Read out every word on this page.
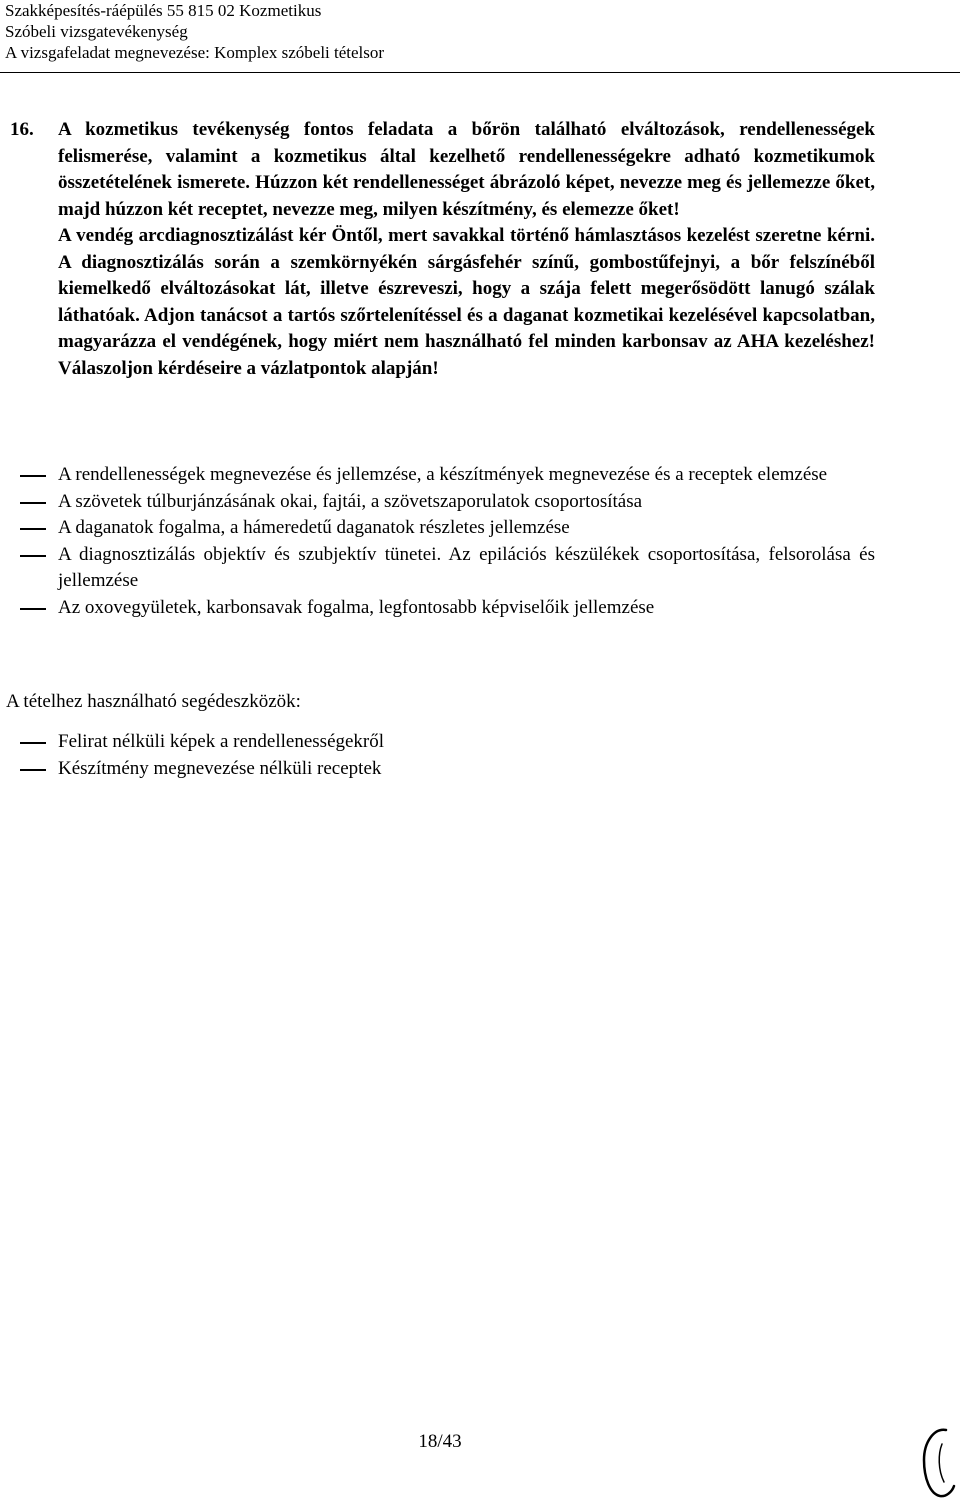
Szakképesítés-ráépülés 55 815 02 Kozmetikus
Szóbeli vizsgatevékenység
A vizsgafeladat megnevezése: Komplex szóbeli tételsor
16. A kozmetikus tevékenység fontos feladata a bőrön található elváltozások, rendellenességek felismerése, valamint a kozmetikus által kezelhető rendellenességekre adható kozmetikumok összetételének ismerete. Húzzon két rendellenességet ábrázoló képet, nevezze meg és jellemezze őket, majd húzzon két receptet, nevezze meg, milyen készítmény, és elemezze őket!

A vendég arcdiagnosztizálást kér Öntől, mert savakkal történő hámlasztásos kezelést szeretne kérni. A diagnosztizálás során a szemkörnyékén sárgásfehér színű, gombostűfejnyi, a bőr felszínéből kiemelkedő elváltozásokat lát, illetve észreveszi, hogy a szája felett megerősödött lanugó szálak láthatóak. Adjon tanácsot a tartós szőrtelenítéssel és a daganat kozmetikai kezelésével kapcsolatban, magyarázza el vendégének, hogy miért nem használható fel minden karbonsav az AHA kezeléshez! Válaszoljon kérdéseire a vázlatpontok alapján!

A rendellenességek megnevezése és jellemzése, a készítmények megnevezése és a receptek elemzése
A szövetek túlburjánzásának okai, fajtái, a szövetszaporulatok csoportosítása
A daganatok fogalma, a hámeredetű daganatok részletes jellemzése
A diagnosztizálás objektív és szubjektív tünetei. Az epilációs készülékek csoportosítása, felsorolása és jellemzése
Az oxovegyületek, karbonsavak fogalma, legfontosabb képviselőik jellemzése
A tételhez használható segédeszközök:
Felirat nélküli képek a rendellenességekről
Készítmény megnevezése nélküli receptek
18/43
